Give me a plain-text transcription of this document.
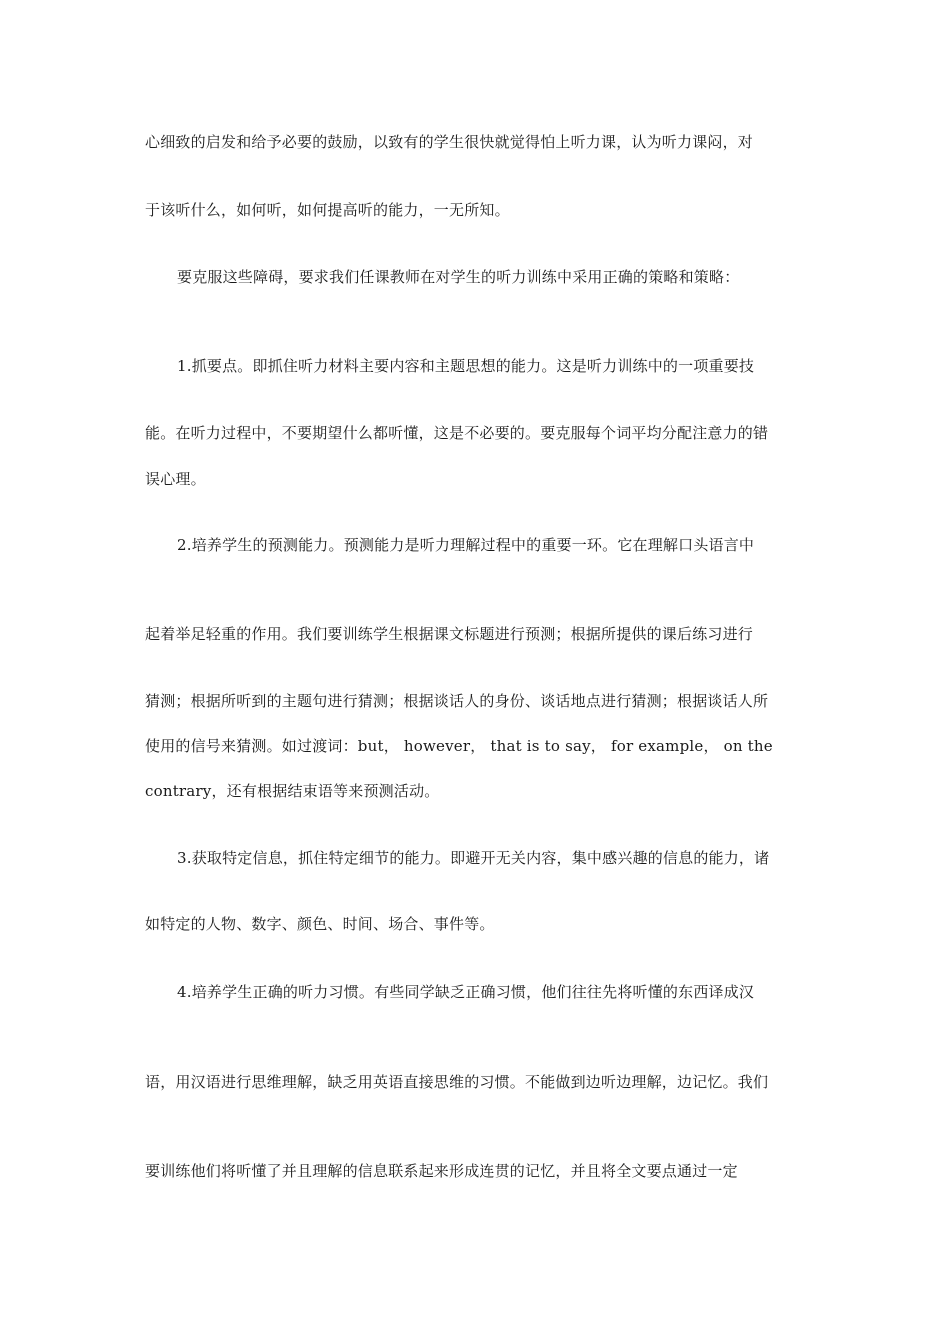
心细致的启发和给予必要的鼓励，以致有的学生很快就觉得怕上听力课，认为听力课闷，对
于该听什么，如何听，如何提高听的能力，一无所知。
要克服这些障碍，要求我们任课教师在对学生的听力训练中采用正确的策略和策略：
1.抓要点。即抓住听力材料主要内容和主题思想的能力。这是听力训练中的一项重要技
能。在听力过程中，不要期望什么都听懂，这是不必要的。要克服每个词平均分配注意力的错
误心理。
2.培养学生的预测能力。预测能力是听力理解过程中的重要一环。它在理解口头语言中
起着举足轻重的作用。我们要训练学生根据课文标题进行预测；根据所提供的课后练习进行
猜测；根据所听到的主题句进行猜测；根据谈话人的身份、谈话地点进行猜测；根据谈话人所
使用的信号来猜测。如过渡词：but， however， that is to say， for example， on the
contrary，还有根据结束语等来预测活动。
3.获取特定信息，抓住特定细节的能力。即避开无关内容，集中感兴趣的信息的能力，诸
如特定的人物、数字、颜色、时间、场合、事件等。
4.培养学生正确的听力习惯。有些同学缺乏正确习惯，他们往往先将听懂的东西译成汉
语，用汉语进行思维理解，缺乏用英语直接思维的习惯。不能做到边听边理解，边记忆。我们
要训练他们将听懂了并且理解的信息联系起来形成连贯的记忆，并且将全文要点通过一定
